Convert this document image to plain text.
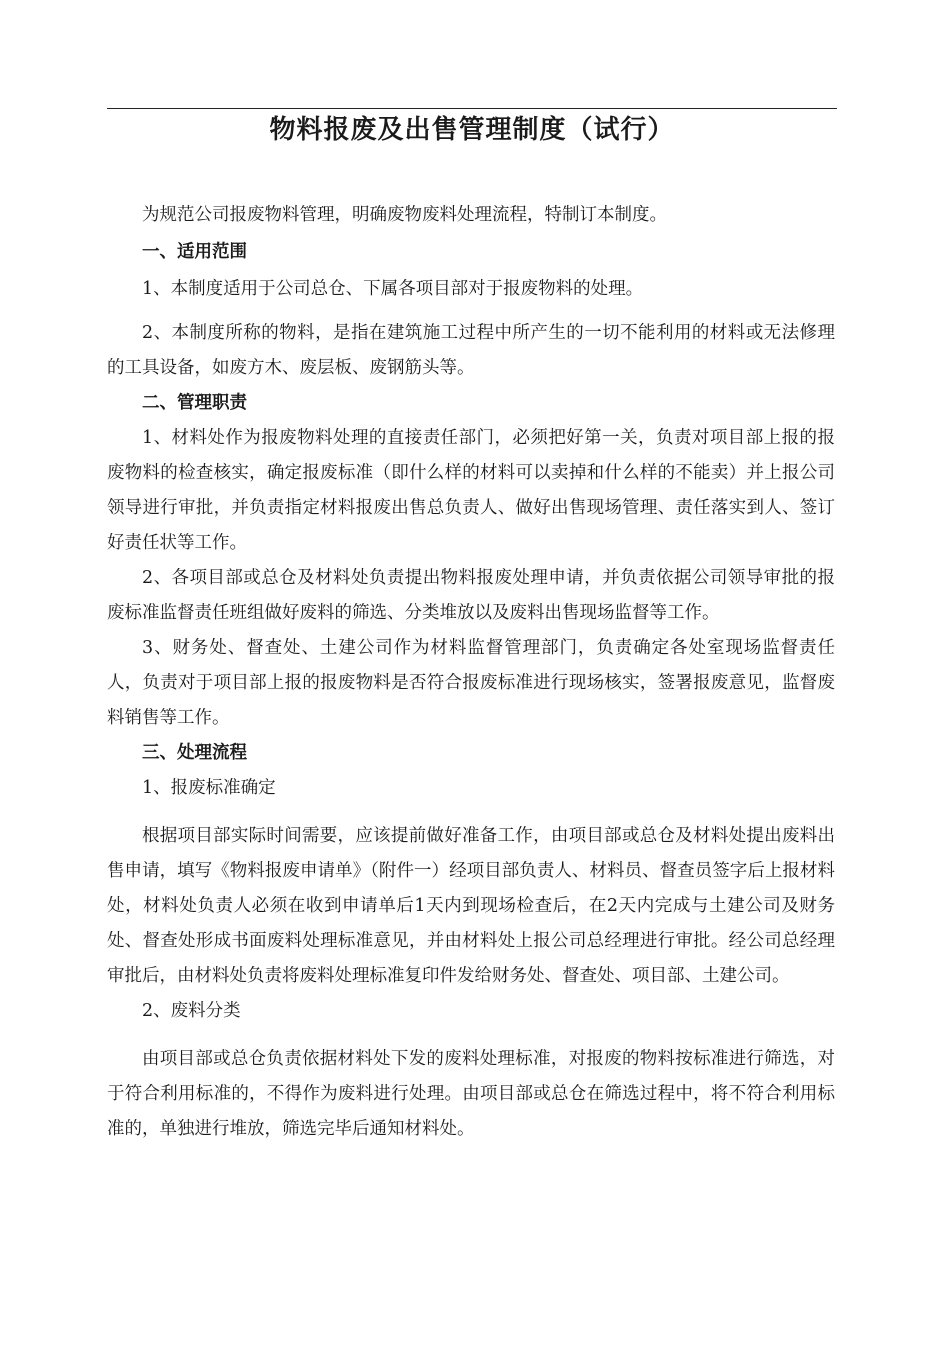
物料报废及出售管理制度（试行）

为规范公司报废物料管理，明确废物废料处理流程，特制订本制度。

一、适用范围

1、本制度适用于公司总仓、下属各项目部对于报废物料的处理。

2、本制度所称的物料，是指在建筑施工过程中所产生的一切不能利用的材料或无法修理的工具设备，如废方木、废层板、废钢筋头等。

二、管理职责

1、材料处作为报废物料处理的直接责任部门，必须把好第一关，负责对项目部上报的报废物料的检查核实，确定报废标准（即什么样的材料可以卖掉和什么样的不能卖）并上报公司领导进行审批，并负责指定材料报废出售总负责人、做好出售现场管理、责任落实到人、签订好责任状等工作。

2、各项目部或总仓及材料处负责提出物料报废处理申请，并负责依据公司领导审批的报废标准监督责任班组做好废料的筛选、分类堆放以及废料出售现场监督等工作。

3、财务处、督查处、土建公司作为材料监督管理部门，负责确定各处室现场监督责任人，负责对于项目部上报的报废物料是否符合报废标准进行现场核实，签署报废意见，监督废料销售等工作。

三、处理流程

1、报废标准确定

根据项目部实际时间需要，应该提前做好准备工作，由项目部或总仓及材料处提出废料出售申请，填写《物料报废申请单》（附件一）经项目部负责人、材料员、督查员签字后上报材料处，材料处负责人必须在收到申请单后1天内到现场检查后，在2天内完成与土建公司及财务处、督查处形成书面废料处理标准意见，并由材料处上报公司总经理进行审批。经公司总经理审批后，由材料处负责将废料处理标准复印件发给财务处、督查处、项目部、土建公司。

2、废料分类

由项目部或总仓负责依据材料处下发的废料处理标准，对报废的物料按标准进行筛选，对于符合利用标准的，不得作为废料进行处理。由项目部或总仓在筛选过程中，将不符合利用标准的，单独进行堆放，筛选完毕后通知材料处。
